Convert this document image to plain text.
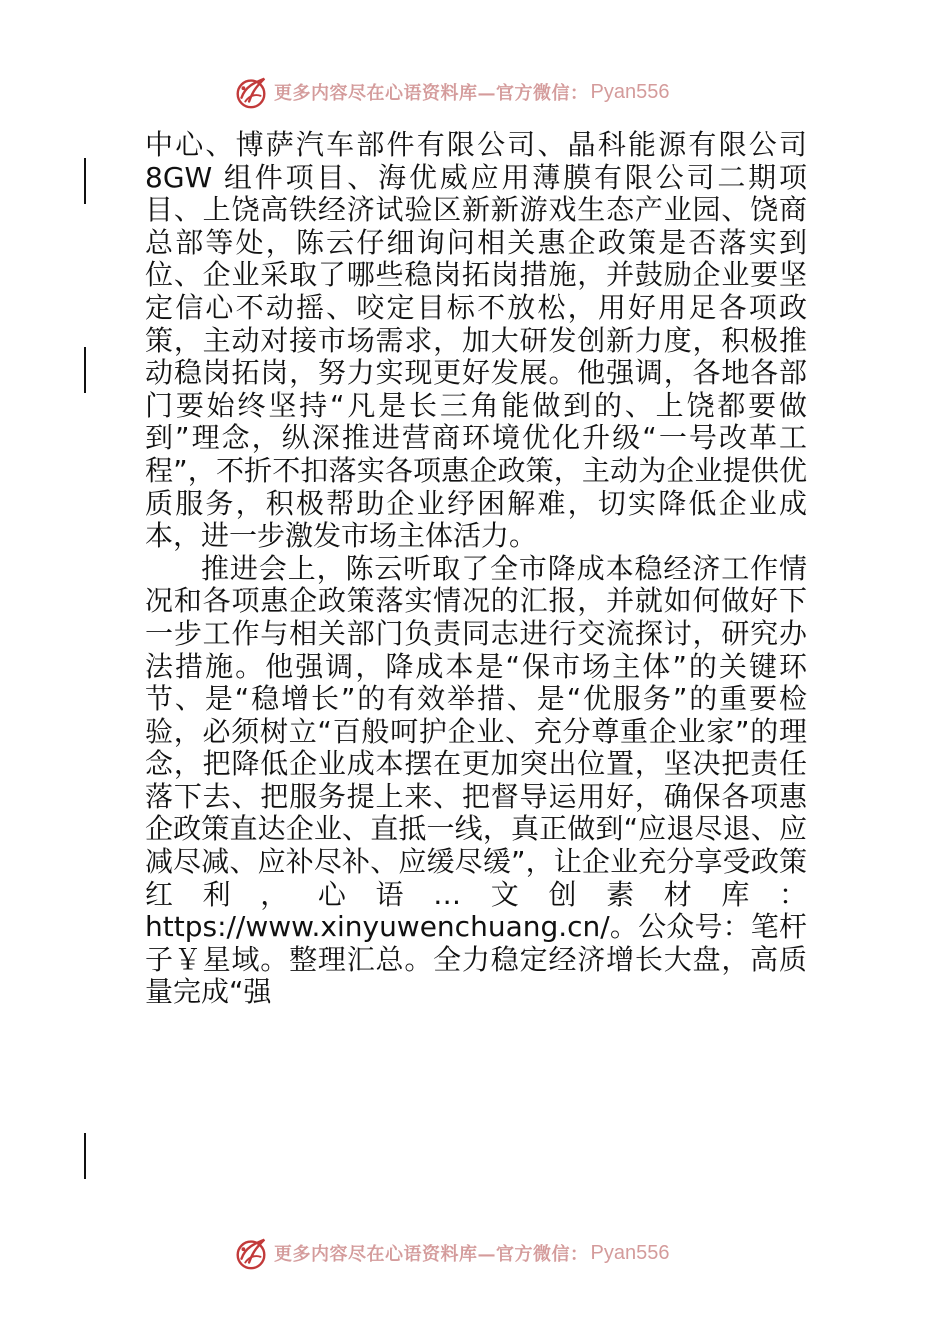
更多内容尽在心语资料库—官方微信： Pyan556

中心、博萨汽车部件有限公司、晶科能源有限公司8GW 组件项目、海优威应用薄膜有限公司二期项目、上饶高铁经济试验区新新游戏生态产业园、饶商总部等处，陈云仔细询问相关惠企政策是否落实到位、企业采取了哪些稳岗拓岗措施，并鼓励企业要坚定信心不动摇、咬定目标不放松，用好用足各项政策，主动对接市场需求，加大研发创新力度，积极推动稳岗拓岗，努力实现更好发展。他强调，各地各部门要始终坚持“凡是长三角能做到的、上饶都要做到”理念，纵深推进营商环境优化升级“一号改革工程”，不折不扣落实各项惠企政策，主动为企业提供优质服务，积极帮助企业纾困解难，切实降低企业成本，进一步激发市场主体活力。

推进会上，陈云听取了全市降成本稳经济工作情况和各项惠企政策落实情况的汇报，并就如何做好下一步工作与相关部门负责同志进行交流探讨，研究办法措施。他强调，降成本是“保市场主体”的关键环节、是“稳增长”的有效举措、是“优服务”的重要检验，必须树立“百般呵护企业、充分尊重企业家”的理念，把降低企业成本摆在更加突出位置，坚决把责任落下去、把服务提上来、把督导运用好，确保各项惠企政策直达企业、直抵一线，真正做到“应退尽退、应减尽减、应补尽补、应缓尽缓”，让企业充分享受政策红利，心语…文创素材库：https://www.xinyuwenchuang.cn/。公众号：笔杆子￥星域。整理汇总。全力稳定经济增长大盘，高质量完成“强

更多内容尽在心语资料库—官方微信： Pyan556
